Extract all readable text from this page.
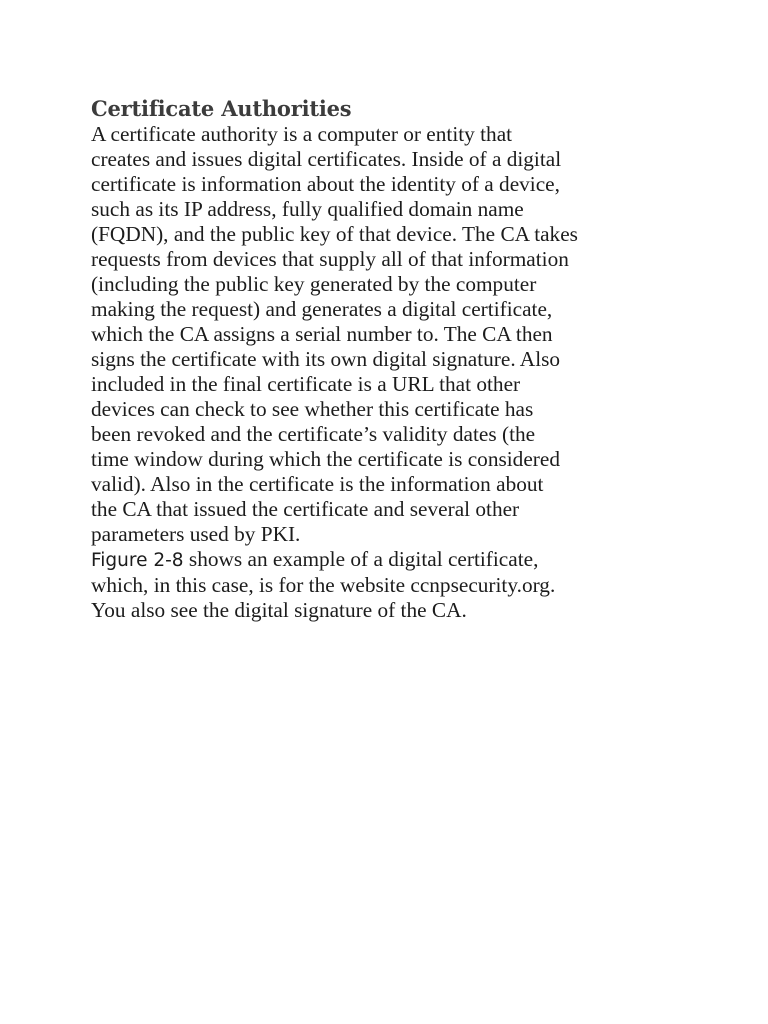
Certificate Authorities

A certificate authority is a computer or entity that
creates and issues digital certificates. Inside of a digital
certificate is information about the identity of a device,
such as its IP address, fully qualified domain name
(FQDN), and the public key of that device. The CA takes
requests from devices that supply all of that information
(including the public key generated by the computer
making the request) and generates a digital certificate,
which the CA assigns a serial number to. The CA then
signs the certificate with its own digital signature. Also
included in the final certificate is a URL that other
devices can check to see whether this certificate has
been revoked and the certificate’s validity dates (the
time window during which the certificate is considered
valid). Also in the certificate is the information about
the CA that issued the certificate and several other
parameters used by PKI.

Figure 2-8 shows an example of a digital certificate,
which, in this case, is for the website ccnpsecurity.org.
You also see the digital signature of the CA.
